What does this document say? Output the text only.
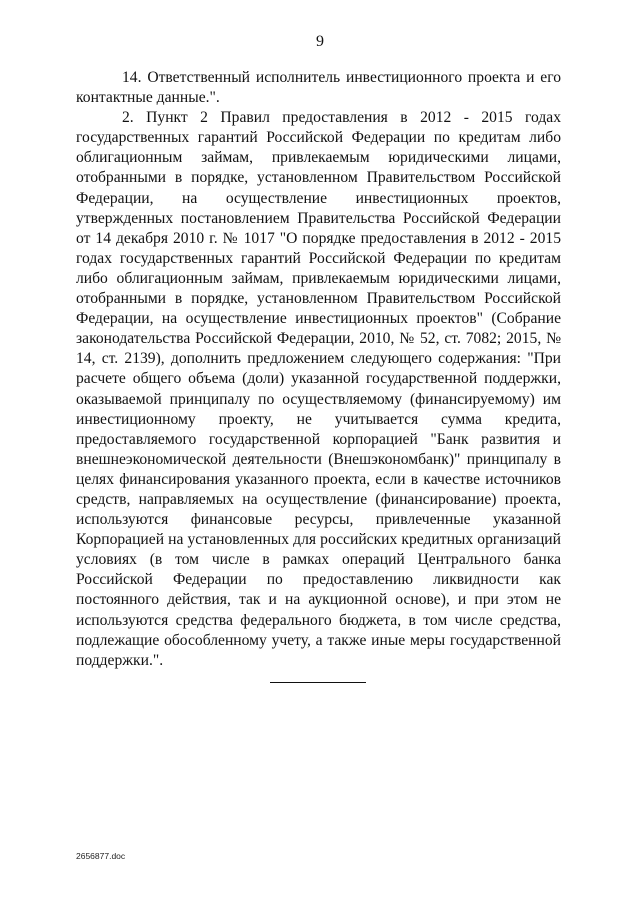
9

14. Ответственный исполнитель инвестиционного проекта и его контактные данные.".

2. Пункт 2 Правил предоставления в 2012 - 2015 годах государственных гарантий Российской Федерации по кредитам либо облигационным займам, привлекаемым юридическими лицами, отобранными в порядке, установленном Правительством Российской Федерации, на осуществление инвестиционных проектов, утвержденных постановлением Правительства Российской Федерации от 14 декабря 2010 г. № 1017 "О порядке предоставления в 2012 - 2015 годах государственных гарантий Российской Федерации по кредитам либо облигационным займам, привлекаемым юридическими лицами, отобранными в порядке, установленном Правительством Российской Федерации, на осуществление инвестиционных проектов" (Собрание законодательства Российской Федерации, 2010, № 52, ст. 7082; 2015, № 14, ст. 2139), дополнить предложением следующего содержания: "При расчете общего объема (доли) указанной государственной поддержки, оказываемой принципалу по осуществляемому (финансируемому) им инвестиционному проекту, не учитывается сумма кредита, предоставляемого государственной корпорацией "Банк развития и внешнеэкономической деятельности (Внешэкономбанк)" принципалу в целях финансирования указанного проекта, если в качестве источников средств, направляемых на осуществление (финансирование) проекта, используются финансовые ресурсы, привлеченные указанной Корпорацией на установленных для российских кредитных организаций условиях (в том числе в рамках операций Центрального банка Российской Федерации по предоставлению ликвидности как постоянного действия, так и на аукционной основе), и при этом не используются средства федерального бюджета, в том числе средства, подлежащие обособленному учету, а также иные меры государственной поддержки.".

2656877.doc
